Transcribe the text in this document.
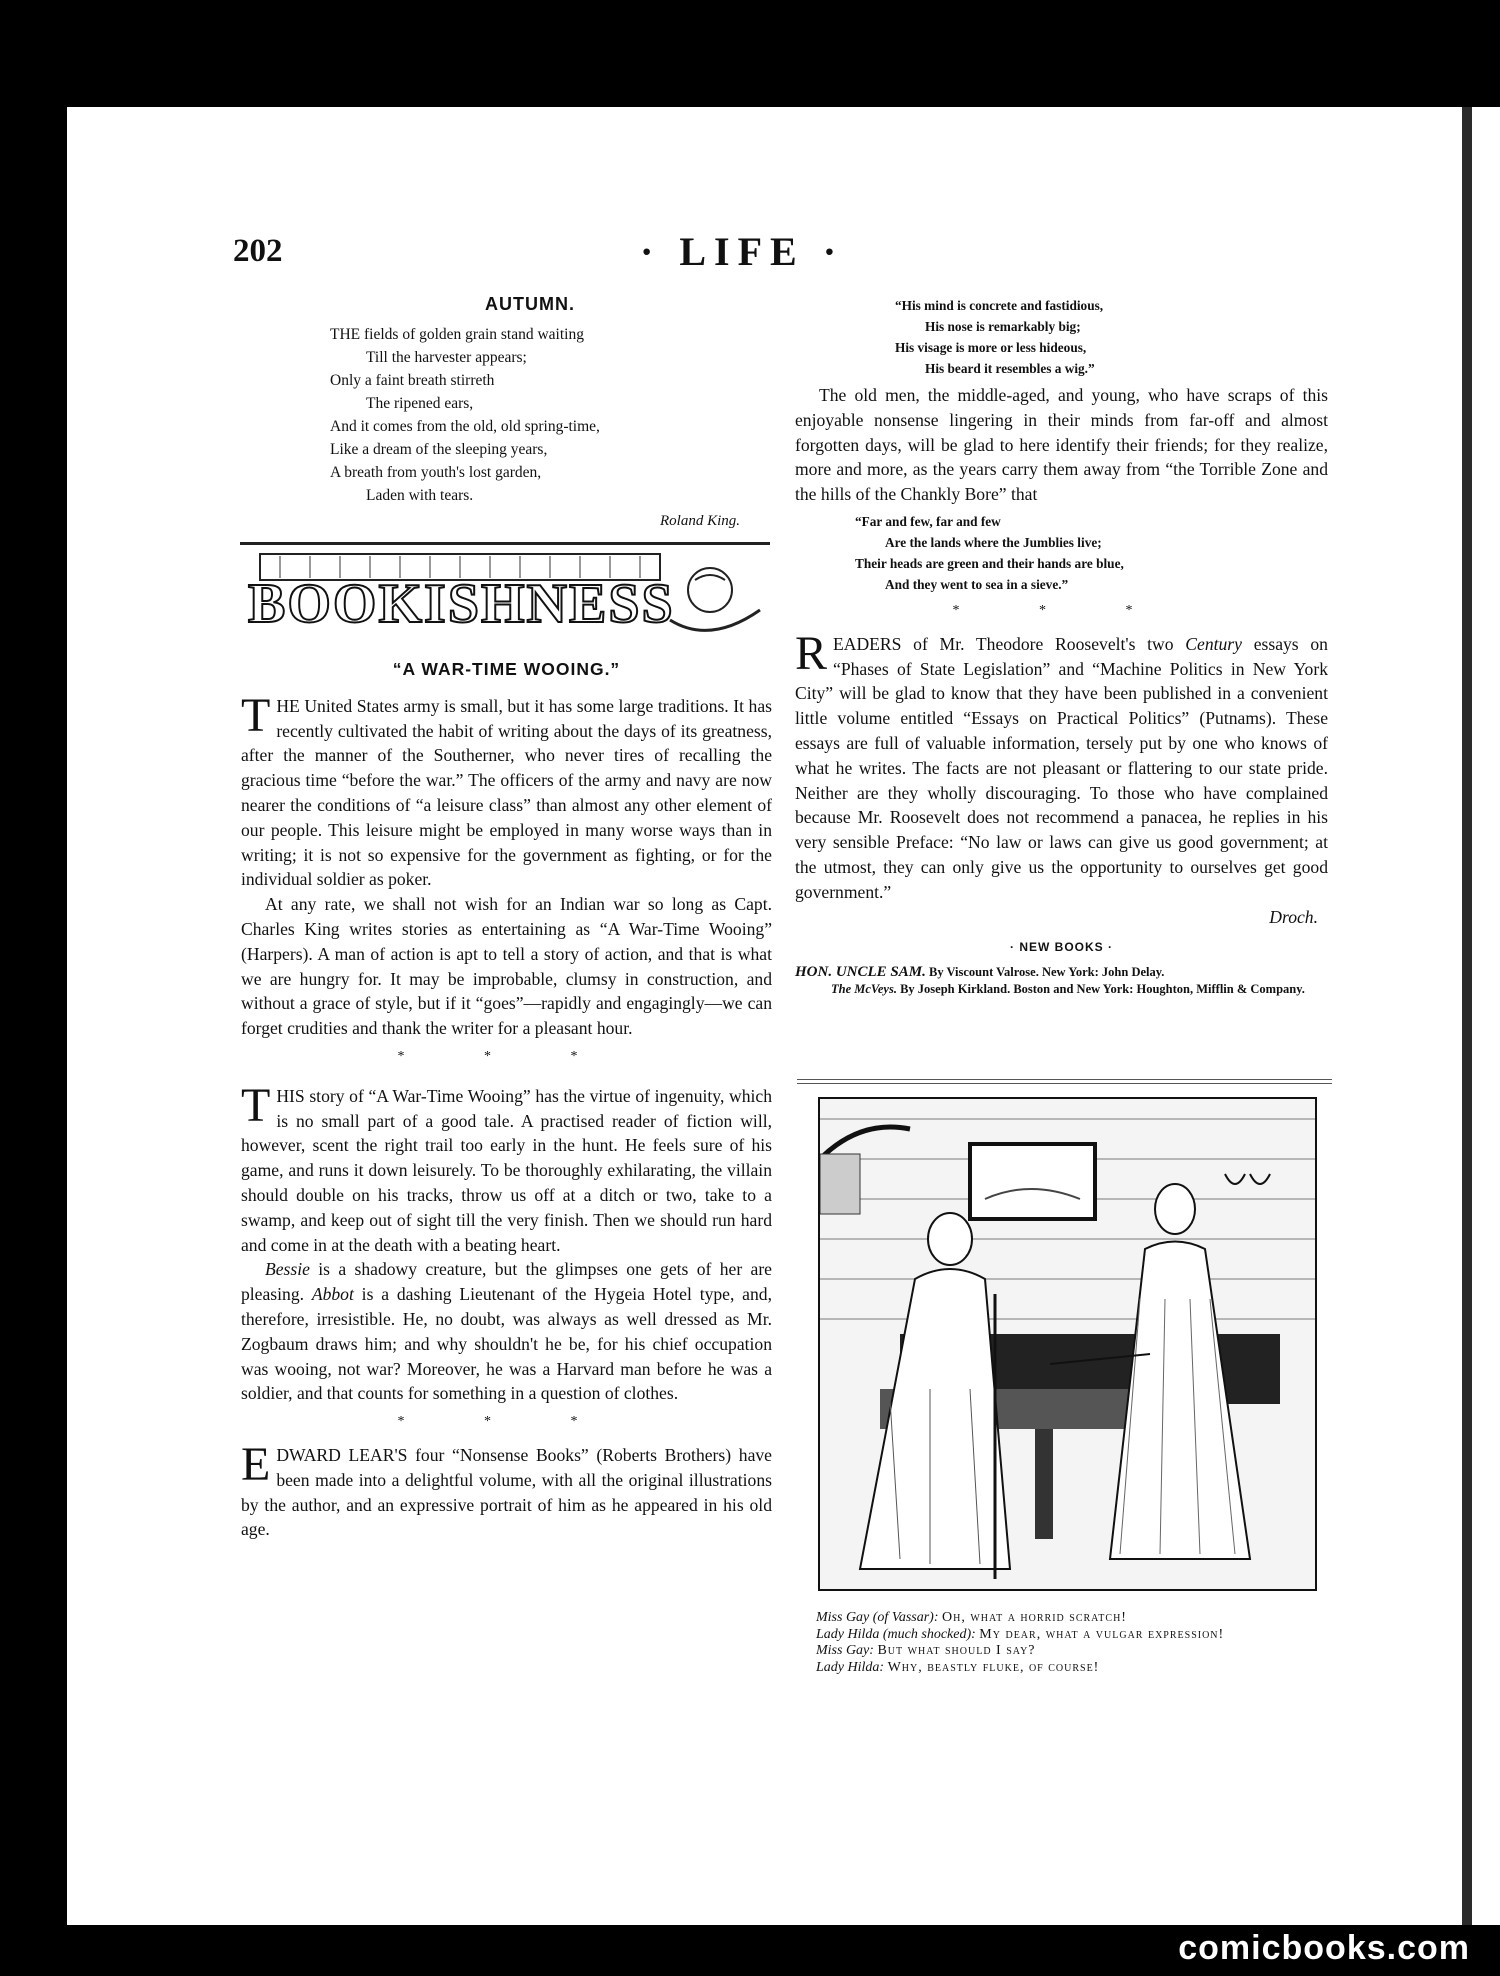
202	· LIFE ·
AUTUMN.
THE fields of golden grain stand waiting
Till the harvester appears;
Only a faint breath stirreth
The ripened ears,
And it comes from the old, old spring-time,
Like a dream of the sleeping years,
A breath from youth's lost garden,
Laden with tears.
Roland King.
BOOKISHNESS
“A WAR-TIME WOOING.”

THE United States army is small, but it has some large traditions. It has recently cultivated the habit of writing about the days of its greatness, after the manner of the Southerner, who never tires of recalling the gracious time “before the war.” The officers of the army and navy are now nearer the conditions of “a leisure class” than almost any other element of our people. This leisure might be employed in many worse ways than in writing; it is not so expensive for the government as fighting, or for the individual soldier as poker.

At any rate, we shall not wish for an Indian war so long as Capt. Charles King writes stories as entertaining as “A War-Time Wooing” (Harpers). A man of action is apt to tell a story of action, and that is what we are hungry for. It may be improbable, clumsy in construction, and without a grace of style, but if it “goes”—rapidly and engagingly—we can forget crudities and thank the writer for a pleasant hour.

* * *

THIS story of “A War-Time Wooing” has the virtue of ingenuity, which is no small part of a good tale. A practised reader of fiction will, however, scent the right trail too early in the hunt. He feels sure of his game, and runs it down leisurely. To be thoroughly exhilarating, the villain should double on his tracks, throw us off at a ditch or two, take to a swamp, and keep out of sight till the very finish. Then we should run hard and come in at the death with a beating heart.

Bessie is a shadowy creature, but the glimpses one gets of her are pleasing. Abbot is a dashing Lieutenant of the Hygeia Hotel type, and, therefore, irresistible. He, no doubt, was always as well dressed as Mr. Zogbaum draws him; and why shouldn't he be, for his chief occupation was wooing, not war? Moreover, he was a Harvard man before he was a soldier, and that counts for something in a question of clothes.

* * *

EDWARD LEAR'S four “Nonsense Books” (Roberts Brothers) have been made into a delightful volume, with all the original illustrations by the author, and an expressive portrait of him as he appeared in his old age.

“His mind is concrete and fastidious,
His nose is remarkably big;
His visage is more or less hideous,
His beard it resembles a wig.”

The old men, the middle-aged, and young, who have scraps of this enjoyable nonsense lingering in their minds from far-off and almost forgotten days, will be glad to here identify their friends; for they realize, more and more, as the years carry them away from “the Torrible Zone and the hills of the Chankly Bore” that

“Far and few, far and few
Are the lands where the Jumblies live;
Their heads are green and their hands are blue,
And they went to sea in a sieve.”
* * *

READERS of Mr. Theodore Roosevelt's two Century essays on “Phases of State Legislation” and “Machine Politics in New York City” will be glad to know that they have been published in a convenient little volume entitled “Essays on Practical Politics” (Putnams). These essays are full of valuable information, tersely put by one who knows of what he writes. The facts are not pleasant or flattering to our state pride. Neither are they wholly discouraging. To those who have complained because Mr. Roosevelt does not recommend a panacea, he replies in his very sensible Preface: “No law or laws can give us good government; at the utmost, they can only give us the opportunity to ourselves get good government.”

Droch.
· NEW BOOKS ·
HON. UNCLE SAM. By Viscount Valrose. New York: John Delay.
The McVeys. By Joseph Kirkland. Boston and New York: Houghton, Mifflin & Company.
Miss Gay (of Vassar): Oh, what a horrid scratch!
Lady Hilda (much shocked): My dear, what a vulgar expression!
Miss Gay: But what should I say?
Lady Hilda: Why, beastly fluke, of course!
comicbooks.com
